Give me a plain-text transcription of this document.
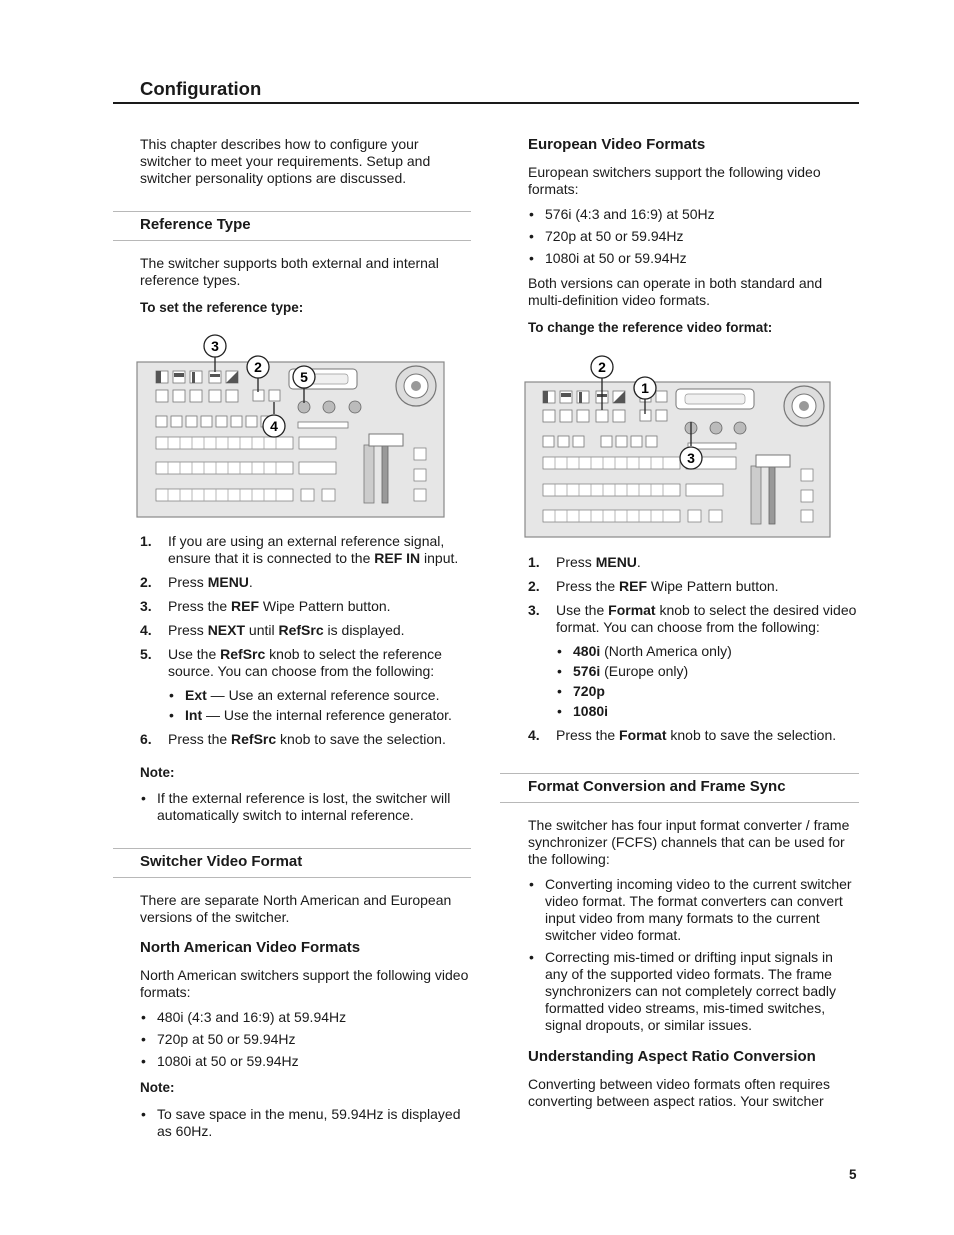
Configuration

This chapter describes how to configure your switcher to meet your requirements. Setup and switcher personality options are discussed.

Reference Type

The switcher supports both external and internal reference types.

To set the reference type:

3
2
5
4
1. If you are using an external reference signal, ensure that it is connected to the REF IN input.
2. Press MENU.
3. Press the REF Wipe Pattern button.
4. Press NEXT until RefSrc is displayed.
5. Use the RefSrc knob to select the reference source. You can choose from the following:
• Ext — Use an external reference source.
• Int — Use the internal reference generator.
6. Press the RefSrc knob to save the selection.

Note:

• If the external reference is lost, the switcher will automatically switch to internal reference.
Switcher Video Format

There are separate North American and European versions of the switcher.

North American Video Formats

North American switchers support the following video formats:

• 480i (4:3 and 16:9) at 59.94Hz
• 720p at 50 or 59.94Hz
• 1080i at 50 or 59.94Hz

Note:

• To save space in the menu, 59.94Hz is displayed as 60Hz.
European Video Formats

European switchers support the following video formats:

• 576i (4:3 and 16:9) at 50Hz
• 720p at 50 or 59.94Hz
• 1080i at 50 or 59.94Hz

Both versions can operate in both standard and multi-definition video formats.

To change the reference video format:

2
1
3
1. Press MENU.
2. Press the REF Wipe Pattern button.
3. Use the Format knob to select the desired video format. You can choose from the following:
• 480i (North America only)
• 576i (Europe only)
• 720p
• 1080i
4. Press the Format knob to save the selection.
Format Conversion and Frame Sync

The switcher has four input format converter / frame synchronizer (FCFS) channels that can be used for the following:

• Converting incoming video to the current switcher video format. The format converters can convert input video from many formats to the current switcher video format.
• Correcting mis-timed or drifting input signals in any of the supported video formats. The frame synchronizers can not completely correct badly formatted video streams, mis-timed switches, signal dropouts, or similar issues.
Understanding Aspect Ratio Conversion

Converting between video formats often requires converting between aspect ratios. Your switcher

5
